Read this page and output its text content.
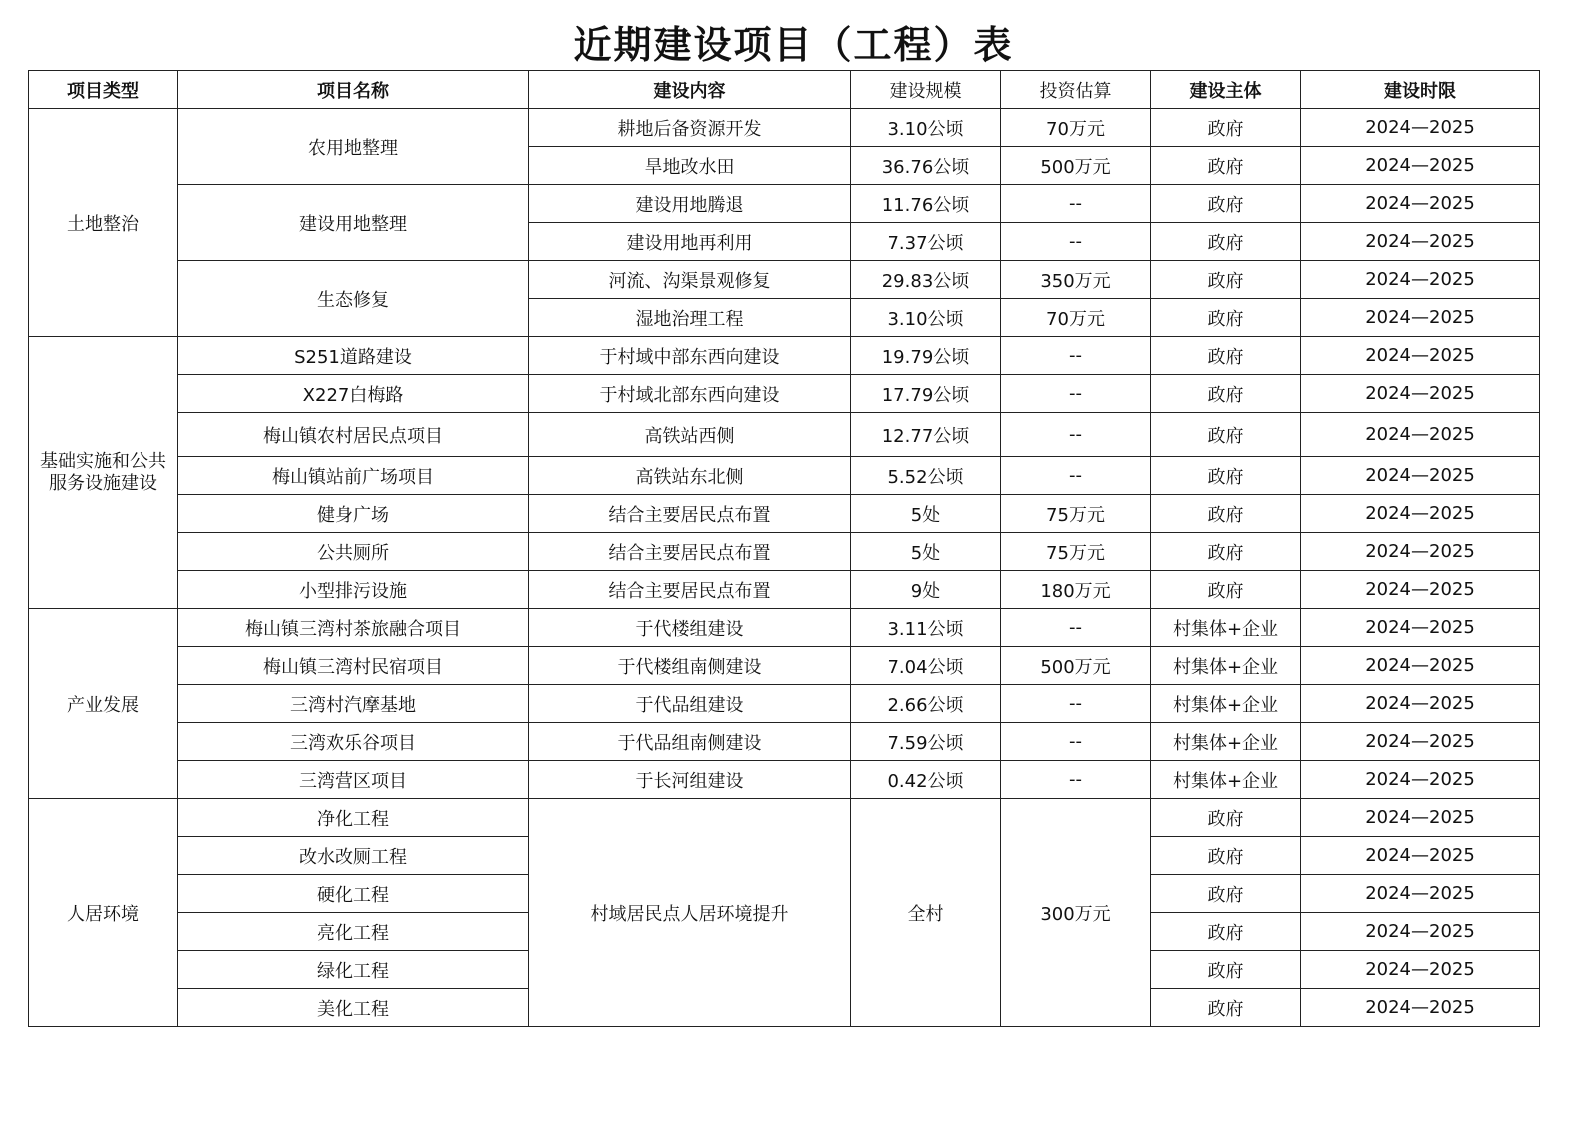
近期建设项目（工程）表
项目类型	项目名称	建设内容	建设规模	投资估算	建设主体	建设时限
土地整治	农用地整理	耕地后备资源开发	3.10公顷	70万元	政府	2024—2025
		旱地改水田	36.76公顷	500万元	政府	2024—2025
	建设用地整理	建设用地腾退	11.76公顷	--	政府	2024—2025
		建设用地再利用	7.37公顷	--	政府	2024—2025
	生态修复	河流、沟渠景观修复	29.83公顷	350万元	政府	2024—2025
		湿地治理工程	3.10公顷	70万元	政府	2024—2025
基础实施和公共服务设施建设	S251道路建设	于村域中部东西向建设	19.79公顷	--	政府	2024—2025
	X227白梅路	于村域北部东西向建设	17.79公顷	--	政府	2024—2025
	梅山镇农村居民点项目	高铁站西侧	12.77公顷	--	政府	2024—2025
	梅山镇站前广场项目	高铁站东北侧	5.52公顷	--	政府	2024—2025
	健身广场	结合主要居民点布置	5处	75万元	政府	2024—2025
	公共厕所	结合主要居民点布置	5处	75万元	政府	2024—2025
	小型排污设施	结合主要居民点布置	9处	180万元	政府	2024—2025
产业发展	梅山镇三湾村茶旅融合项目	于代楼组建设	3.11公顷	--	村集体+企业	2024—2025
	梅山镇三湾村民宿项目	于代楼组南侧建设	7.04公顷	500万元	村集体+企业	2024—2025
	三湾村汽摩基地	于代品组建设	2.66公顷	--	村集体+企业	2024—2025
	三湾欢乐谷项目	于代品组南侧建设	7.59公顷	--	村集体+企业	2024—2025
	三湾营区项目	于长河组建设	0.42公顷	--	村集体+企业	2024—2025
人居环境	净化工程	村域居民点人居环境提升	全村	300万元	政府	2024—2025
	改水改厕工程				政府	2024—2025
	硬化工程				政府	2024—2025
	亮化工程				政府	2024—2025
	绿化工程				政府	2024—2025
	美化工程				政府	2024—2025
